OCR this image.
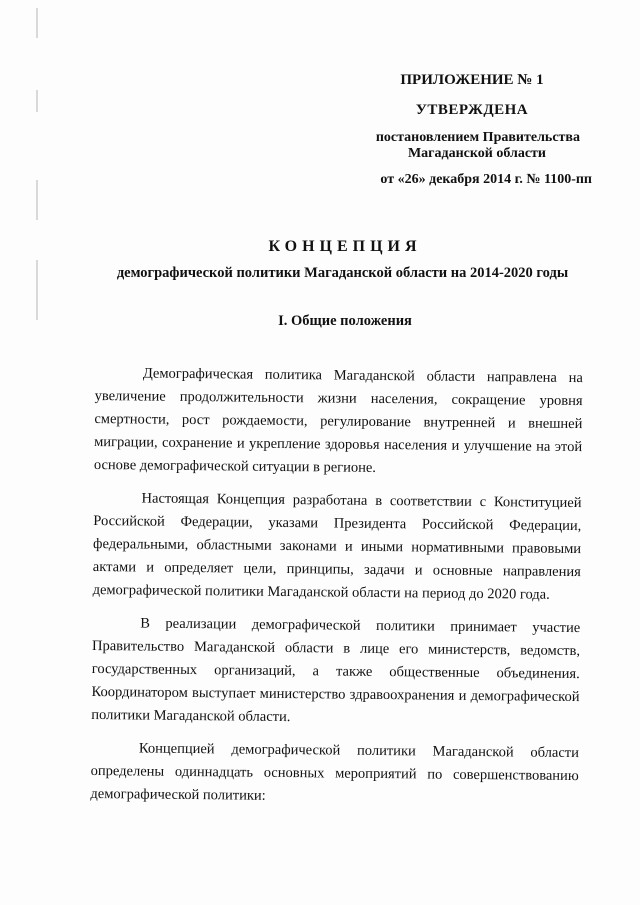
ПРИЛОЖЕНИЕ № 1
УТВЕРЖДЕНА
постановлением Правительства
Магаданской области
от «26» декабря 2014 г. № 1100-пп
КОНЦЕПЦИЯ
демографической политики Магаданской области на 2014-2020 годы
I. Общие положения

Демографическая политика Магаданской области направлена на увеличение продолжительности жизни населения, сокращение уровня смертности, рост рождаемости, регулирование внутренней и внешней миграции, сохранение и укрепление здоровья населения и улучшение на этой основе демографической ситуации в регионе.

Настоящая Концепция разработана в соответствии с Конституцией Российской Федерации, указами Президента Российской Федерации, федеральными, областными законами и иными нормативными правовыми актами и определяет цели, принципы, задачи и основные направления демографической политики Магаданской области на период до 2020 года.

В реализации демографической политики принимает участие Правительство Магаданской области в лице его министерств, ведомств, государственных организаций, а также общественные объединения. Координатором выступает министерство здравоохранения и демографической политики Магаданской области.

Концепцией демографической политики Магаданской области определены одиннадцать основных мероприятий по совершенствованию демографической политики:
